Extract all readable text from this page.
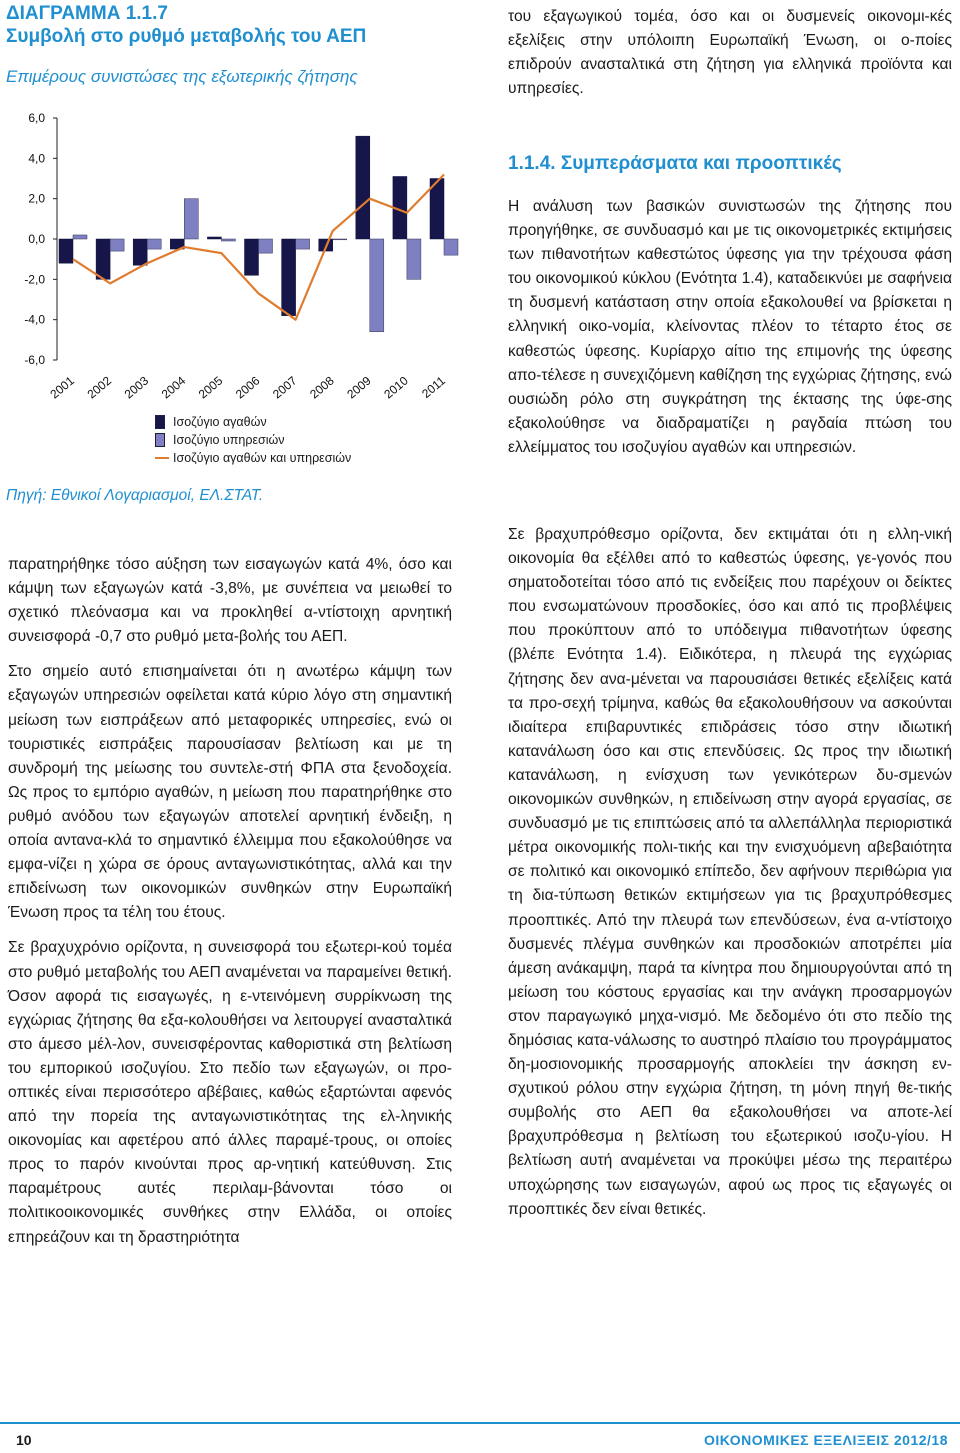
ΔΙΑΓΡΑΜΜΑ 1.1.7
Συμβολή στο ρυθμό μεταβολής του ΑΕΠ
Επιμέρους συνιστώσες της εξωτερικής ζήτησης
6,0
4,0
2,0
0,0
-2,0
-4,0
-6,0
2001 2002 2003 2004 2005 2006 2007 2008 2009 2010 2011
Ισοζύγιο αγαθών
Ισοζύγιο υπηρεσιών
Ισοζύγιο αγαθών και υπηρεσιών
Πηγή: Εθνικοί Λογαριασμοί, ΕΛ.ΣΤΑΤ.

παρατηρήθηκε τόσο αύξηση των εισαγωγών κατά 4%, όσο και κάμψη των εξαγωγών κατά -3,8%, με συνέπεια να μειωθεί το σχετικό πλεόνασμα και να προκληθεί α-ντίστοιχη αρνητική συνεισφορά -0,7 στο ρυθμό μετα-βολής του ΑΕΠ.

Στο σημείο αυτό επισημαίνεται ότι η ανωτέρω κάμψη των εξαγωγών υπηρεσιών οφείλεται κατά κύριο λόγο στη σημαντική μείωση των εισπράξεων από μεταφορικές υπηρεσίες, ενώ οι τουριστικές εισπράξεις παρουσίασαν βελτίωση και με τη συνδρομή της μείωσης του συντελε-στή ΦΠΑ στα ξενοδοχεία. Ως προς το εμπόριο αγαθών, η μείωση που παρατηρήθηκε στο ρυθμό ανόδου των εξαγωγών αποτελεί αρνητική ένδειξη, η οποία αντανα-κλά το σημαντικό έλλειμμα που εξακολούθησε να εμφα-νίζει η χώρα σε όρους ανταγωνιστικότητας, αλλά και την επιδείνωση των οικονομικών συνθηκών στην Ευρωπαϊκή Ένωση προς τα τέλη του έτους.

Σε βραχυχρόνιο ορίζοντα, η συνεισφορά του εξωτερι-κού τομέα στο ρυθμό μεταβολής του ΑΕΠ αναμένεται να παραμείνει θετική. Όσον αφορά τις εισαγωγές, η ε-ντεινόμενη συρρίκνωση της εγχώριας ζήτησης θα εξα-κολουθήσει να λειτουργεί ανασταλτικά στο άμεσο μέλ-λον, συνεισφέροντας καθοριστικά στη βελτίωση του εμπορικού ισοζυγίου. Στο πεδίο των εξαγωγών, οι προ-οπτικές είναι περισσότερο αβέβαιες, καθώς εξαρτώνται αφενός από την πορεία της ανταγωνιστικότητας της ελ-ληνικής οικονομίας και αφετέρου από άλλες παραμέ-τρους, οι οποίες προς το παρόν κινούνται προς αρ-νητική κατεύθυνση. Στις παραμέτρους αυτές περιλαμ-βάνονται τόσο οι πολιτικοοικονομικές συνθήκες στην Ελλάδα, οι οποίες επηρεάζουν και τη δραστηριότητα

του εξαγωγικού τομέα, όσο και οι δυσμενείς οικονομι-κές εξελίξεις στην υπόλοιπη Ευρωπαϊκή Ένωση, οι ο-ποίες επιδρούν ανασταλτικά στη ζήτηση για ελληνικά προϊόντα και υπηρεσίες.

1.1.4. Συμπεράσματα και προοπτικές

Η ανάλυση των βασικών συνιστωσών της ζήτησης που προηγήθηκε, σε συνδυασμό και με τις οικονομετρικές εκτιμήσεις των πιθανοτήτων καθεστώτος ύφεσης για την τρέχουσα φάση του οικονομικού κύκλου (Ενότητα 1.4), καταδεικνύει με σαφήνεια τη δυσμενή κατάσταση στην οποία εξακολουθεί να βρίσκεται η ελληνική οικο-νομία, κλείνοντας πλέον το τέταρτο έτος σε καθεστώς ύφεσης. Κυρίαρχο αίτιο της επιμονής της ύφεσης απο-τέλεσε η συνεχιζόμενη καθίζηση της εγχώριας ζήτησης, ενώ ουσιώδη ρόλο στη συγκράτηση της έκτασης της ύφε-σης εξακολούθησε να διαδραματίζει η ραγδαία πτώση του ελλείμματος του ισοζυγίου αγαθών και υπηρεσιών.

Σε βραχυπρόθεσμο ορίζοντα, δεν εκτιμάται ότι η ελλη-νική οικονομία θα εξέλθει από το καθεστώς ύφεσης, γε-γονός που σηματοδοτείται τόσο από τις ενδείξεις που παρέχουν οι δείκτες που ενσωματώνουν προσδοκίες, όσο και από τις προβλέψεις που προκύπτουν από το υπόδειγμα πιθανοτήτων ύφεσης (βλέπε Ενότητα 1.4). Ειδικότερα, η πλευρά της εγχώριας ζήτησης δεν ανα-μένεται να παρουσιάσει θετικές εξελίξεις κατά τα προ-σεχή τρίμηνα, καθώς θα εξακολουθήσουν να ασκούνται ιδιαίτερα επιβαρυντικές επιδράσεις τόσο στην ιδιωτική κατανάλωση όσο και στις επενδύσεις. Ως προς την ιδιωτική κατανάλωση, η ενίσχυση των γενικότερων δυ-σμενών οικονομικών συνθηκών, η επιδείνωση στην αγορά εργασίας, σε συνδυασμό με τις επιπτώσεις από τα αλλεπάλληλα περιοριστικά μέτρα οικονομικής πολι-τικής και την ενισχυόμενη αβεβαιότητα σε πολιτικό και οικονομικό επίπεδο, δεν αφήνουν περιθώρια για τη δια-τύπωση θετικών εκτιμήσεων για τις βραχυπρόθεσμες προοπτικές. Από την πλευρά των επενδύσεων, ένα α-ντίστοιχο δυσμενές πλέγμα συνθηκών και προσδοκιών αποτρέπει μία άμεση ανάκαμψη, παρά τα κίνητρα που δημιουργούνται από τη μείωση του κόστους εργασίας και την ανάγκη προσαρμογών στον παραγωγικό μηχα-νισμό. Με δεδομένο ότι στο πεδίο της δημόσιας κατα-νάλωσης το αυστηρό πλαίσιο του προγράμματος δη-μοσιονομικής προσαρμογής αποκλείει την άσκηση εν-σχυτικού ρόλου στην εγχώρια ζήτηση, τη μόνη πηγή θε-τικής συμβολής στο ΑΕΠ θα εξακολουθήσει να αποτε-λεί βραχυπρόθεσμα η βελτίωση του εξωτερικού ισοζυ-γίου. Η βελτίωση αυτή αναμένεται να προκύψει μέσω της περαιτέρω υποχώρησης των εισαγωγών, αφού ως προς τις εξαγωγές οι προοπτικές δεν είναι θετικές.

10	ΟΙΚΟΝΟΜΙΚΕΣ ΕΞΕΛΙΞΕΙΣ 2012/18
